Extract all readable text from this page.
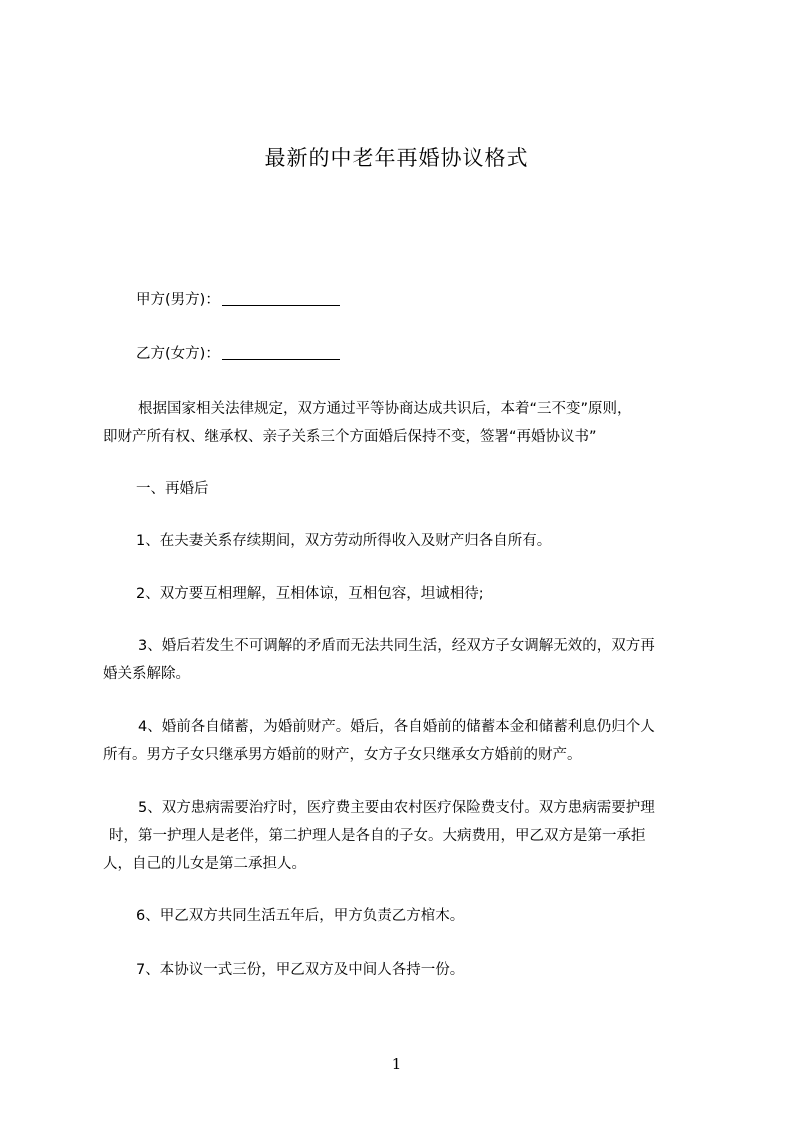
最新的中老年再婚协议格式
甲方(男方)：
乙方(女方)：
根据国家相关法律规定，双方通过平等协商达成共识后，本着“三不变”原则，
即财产所有权、继承权、亲子关系三个方面婚后保持不变，签署“再婚协议书”
一、再婚后
1、在夫妻关系存续期间，双方劳动所得收入及财产归各自所有。
2、双方要互相理解，互相体谅，互相包容，坦诚相待;
3、婚后若发生不可调解的矛盾而无法共同生活，经双方子女调解无效的，双方再
婚关系解除。
4、婚前各自储蓄，为婚前财产。婚后，各自婚前的储蓄本金和储蓄利息仍归个人
所有。男方子女只继承男方婚前的财产，女方子女只继承女方婚前的财产。
5、双方患病需要治疗时，医疗费主要由农村医疗保险费支付。双方患病需要护理
时，第一护理人是老伴，第二护理人是各自的子女。大病费用，甲乙双方是第一承拒
人，自己的儿女是第二承担人。
6、甲乙双方共同生活五年后，甲方负责乙方棺木。
7、本协议一式三份，甲乙双方及中间人各持一份。
1
